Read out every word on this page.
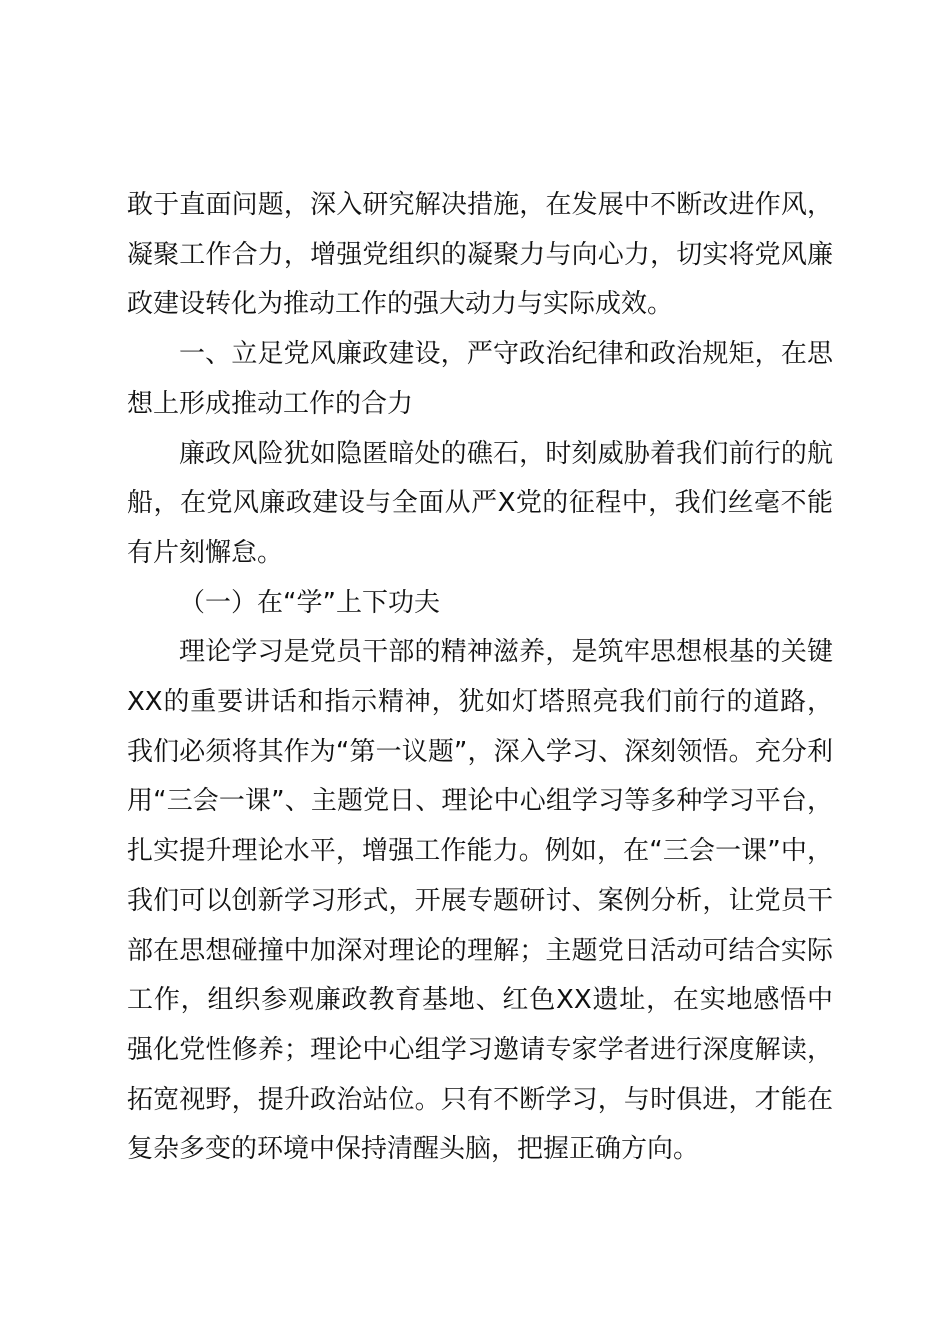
敢于直面问题，深入研究解决措施，在发展中不断改进作风，凝聚工作合力，增强党组织的凝聚力与向心力，切实将党风廉政建设转化为推动工作的强大动力与实际成效。

一、立足党风廉政建设，严守政治纪律和政治规矩，在思想上形成推动工作的合力

廉政风险犹如隐匿暗处的礁石，时刻威胁着我们前行的航船，在党风廉政建设与全面从严X党的征程中，我们丝毫不能有片刻懈怠。

（一）在“学”上下功夫

理论学习是党员干部的精神滋养，是筑牢思想根基的关键XX的重要讲话和指示精神，犹如灯塔照亮我们前行的道路，我们必须将其作为“第一议题”，深入学习、深刻领悟。充分利用“三会一课”、主题党日、理论中心组学习等多种学习平台，扎实提升理论水平，增强工作能力。例如，在“三会一课”中，我们可以创新学习形式，开展专题研讨、案例分析，让党员干部在思想碰撞中加深对理论的理解；主题党日活动可结合实际工作，组织参观廉政教育基地、红色XX遗址，在实地感悟中强化党性修养；理论中心组学习邀请专家学者进行深度解读，拓宽视野，提升政治站位。只有不断学习，与时俱进，才能在复杂多变的环境中保持清醒头脑，把握正确方向。
